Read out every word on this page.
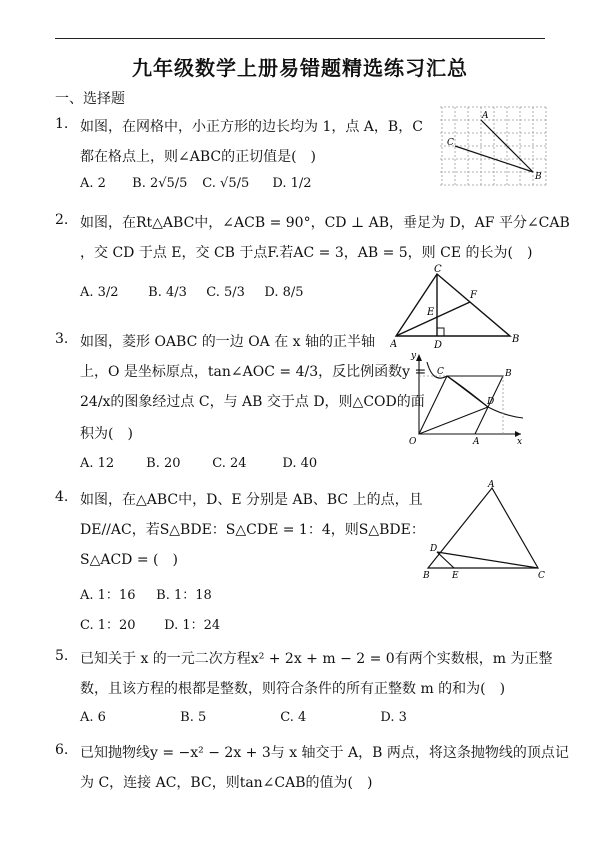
九年级数学上册易错题精选练习汇总
一、选择题
1. 如图，在网格中，小正方形的边长均为 1，点 A，B，C
都在格点上，则∠ABC的正切值是(　)
A. 2 B. 2√5/5 C. √5/5 D. 1/2
A
B
C
2. 如图，在Rt△ABC中，∠ACB = 90°，CD ⊥ AB，垂足为 D，AF 平分∠CAB
，交 CD 于点 E，交 CB 于点F.若AC = 3，AB = 5，则 CE 的长为(　)
A. 3/2 B. 4/3 C. 5/3 D. 8/5
A	B
C
D
E
F
3. 如图，菱形 OABC 的一边 OA 在 x 轴的正半轴
上，O 是坐标原点，tan∠AOC = 4/3，反比例函数y =
24/x的图象经过点 C，与 AB 交于点 D，则△COD的面
积为(　)
A. 12 B. 20 C. 24	D. 40
y
x
O	A
B
C
D
4. 如图，在△ABC中，D、E 分别是 AB、BC 上的点，且
DE//AC，若S△BDE：S△CDE = 1：4，则S△BDE：
S△ACD = (　)
A. 1：16 B. 1：18
C. 1：20 D. 1：24
A
B	C
D
E
5. 已知关于 x 的一元二次方程x² + 2x + m − 2 = 0有两个实数根，m 为正整
数，且该方程的根都是整数，则符合条件的所有正整数 m 的和为(　)
A. 6	B. 5	C. 4	D. 3
6. 已知抛物线y = −x² − 2x + 3与 x 轴交于 A，B 两点，将这条抛物线的顶点记
为 C，连接 AC，BC，则tan∠CAB的值为(　)
